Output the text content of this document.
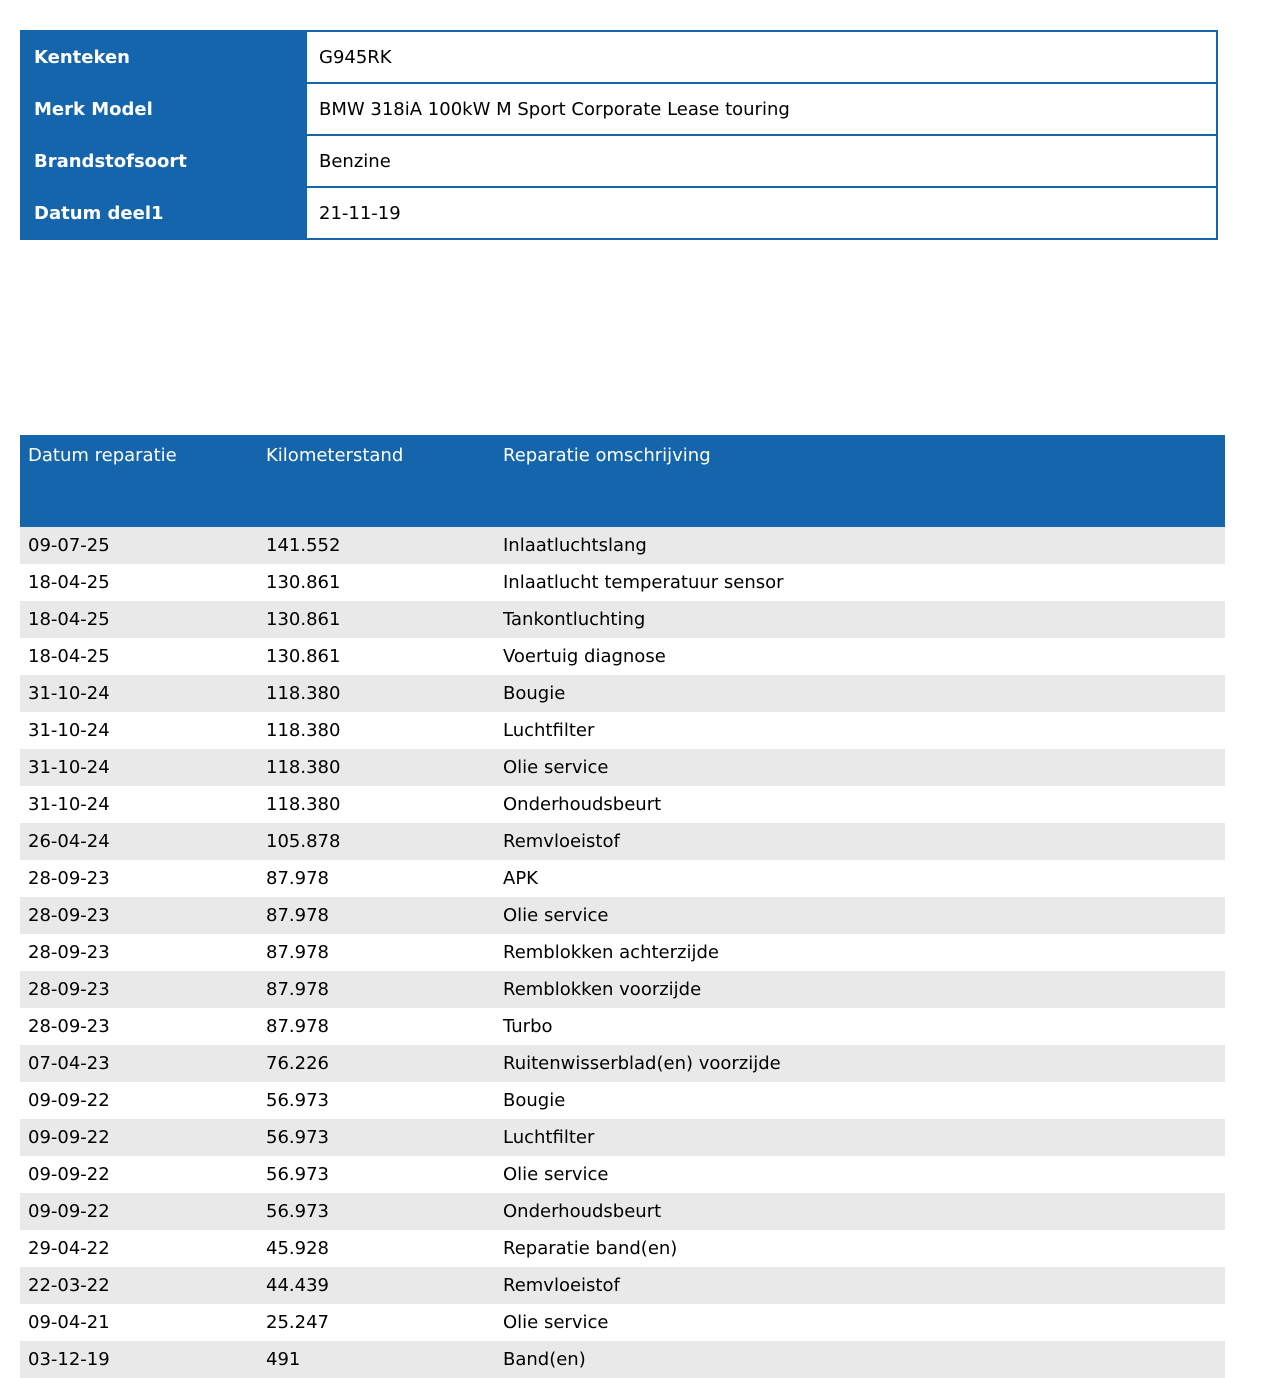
Kenteken	G945RK
Merk Model	BMW 318iA 100kW M Sport Corporate Lease touring
Brandstofsoort	Benzine
Datum deel1	21-11-19
Datum reparatie	Kilometerstand	Reparatie omschrijving
09-07-25	141.552	Inlaatluchtslang
18-04-25	130.861	Inlaatlucht temperatuur sensor
18-04-25	130.861	Tankontluchting
18-04-25	130.861	Voertuig diagnose
31-10-24	118.380	Bougie
31-10-24	118.380	Luchtfilter
31-10-24	118.380	Olie service
31-10-24	118.380	Onderhoudsbeurt
26-04-24	105.878	Remvloeistof
28-09-23	87.978	APK
28-09-23	87.978	Olie service
28-09-23	87.978	Remblokken achterzijde
28-09-23	87.978	Remblokken voorzijde
28-09-23	87.978	Turbo
07-04-23	76.226	Ruitenwisserblad(en) voorzijde
09-09-22	56.973	Bougie
09-09-22	56.973	Luchtfilter
09-09-22	56.973	Olie service
09-09-22	56.973	Onderhoudsbeurt
29-04-22	45.928	Reparatie band(en)
22-03-22	44.439	Remvloeistof
09-04-21	25.247	Olie service
03-12-19	491	Band(en)
